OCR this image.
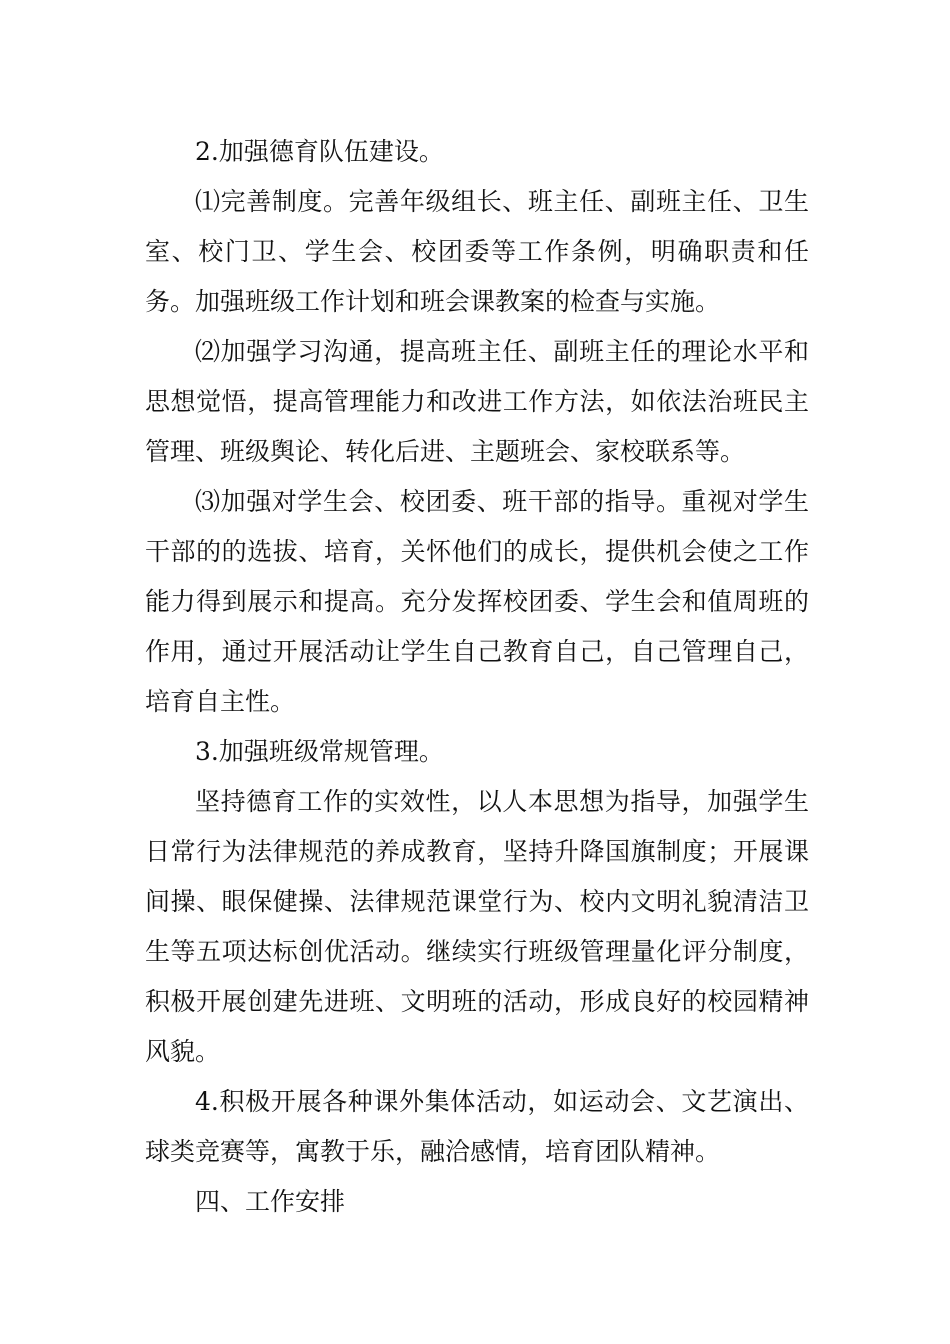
2.加强德育队伍建设。

⑴完善制度。完善年级组长、班主任、副班主任、卫生室、校门卫、学生会、校团委等工作条例，明确职责和任务。加强班级工作计划和班会课教案的检查与实施。

⑵加强学习沟通，提高班主任、副班主任的理论水平和思想觉悟，提高管理能力和改进工作方法，如依法治班民主管理、班级舆论、转化后进、主题班会、家校联系等。

⑶加强对学生会、校团委、班干部的指导。重视对学生干部的的选拔、培育，关怀他们的成长，提供机会使之工作能力得到展示和提高。充分发挥校团委、学生会和值周班的作用，通过开展活动让学生自己教育自己，自己管理自己，培育自主性。

3.加强班级常规管理。

坚持德育工作的实效性，以人本思想为指导，加强学生日常行为法律规范的养成教育，坚持升降国旗制度；开展课间操、眼保健操、法律规范课堂行为、校内文明礼貌清洁卫生等五项达标创优活动。继续实行班级管理量化评分制度，积极开展创建先进班、文明班的活动，形成良好的校园精神风貌。

4.积极开展各种课外集体活动，如运动会、文艺演出、球类竞赛等，寓教于乐，融洽感情，培育团队精神。

四、工作安排
